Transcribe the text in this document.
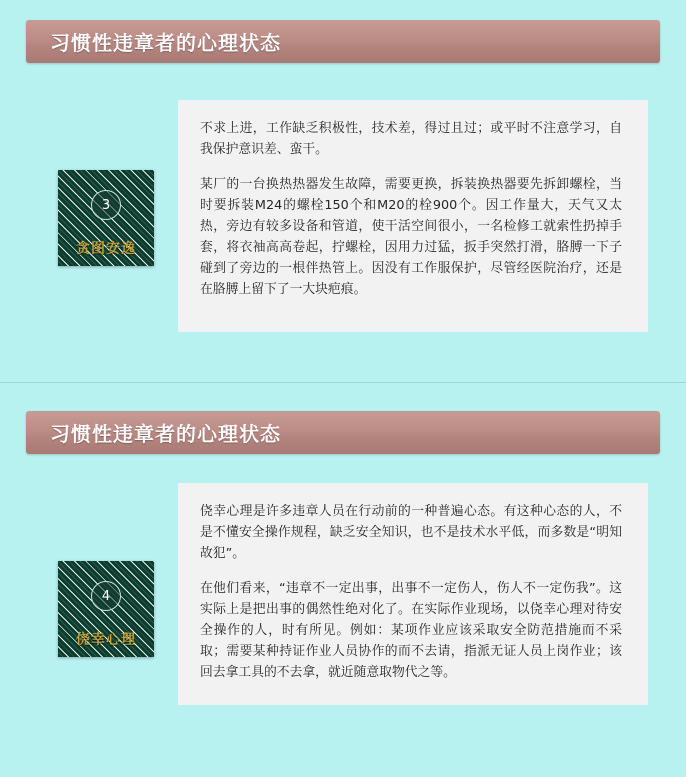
习惯性违章者的心理状态
3
贪图安逸

不求上进，工作缺乏积极性，技术差，得过且过；或平时不注意学习，自我保护意识差、蛮干。

某厂的一台换热热器发生故障，需要更换，拆装换热器要先拆卸螺栓，当时要拆装M24的螺栓150个和M20的栓900个。因工作量大，天气又太热，旁边有较多设备和管道，使干活空间很小，一名检修工就索性扔掉手套，将衣袖高高卷起，拧螺栓，因用力过猛，扳手突然打滑，胳膊一下子碰到了旁边的一根伴热管上。因没有工作服保护，尽管经医院治疗，还是在胳膊上留下了一大块疤痕。

习惯性违章者的心理状态
4
侥幸心理

侥幸心理是许多违章人员在行动前的一种普遍心态。有这种心态的人，不是不懂安全操作规程，缺乏安全知识，也不是技术水平低，而多数是“明知故犯”。

在他们看来，“违章不一定出事，出事不一定伤人，伤人不一定伤我”。这实际上是把出事的偶然性绝对化了。在实际作业现场，以侥幸心理对待安全操作的人，时有所见。例如：某项作业应该采取安全防范措施而不采取；需要某种持证作业人员协作的而不去请，指派无证人员上岗作业；该回去拿工具的不去拿，就近随意取物代之等。
